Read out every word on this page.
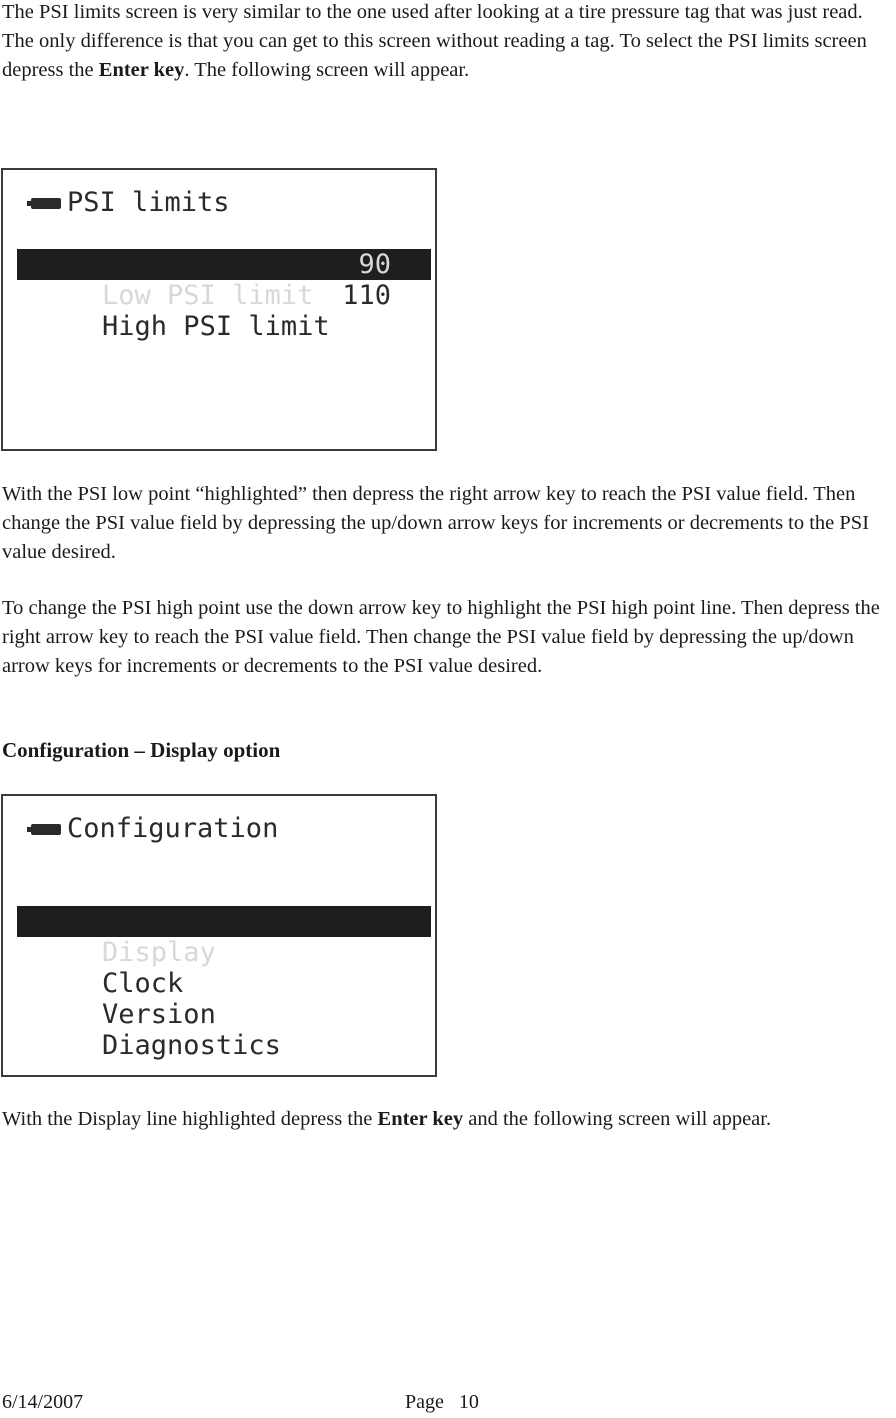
The PSI limits screen is very similar to the one used after looking at a tire pressure tag that was just read. The only difference is that you can get to this screen without reading a tag. To select the PSI limits screen depress the Enter key. The following screen will appear.

PSI limits

Low PSI limit
90

High PSI limit
110

With the PSI low point “highlighted” then depress the right arrow key to reach the PSI value field. Then change the PSI value field by depressing the up/down arrow keys for increments or decrements to the PSI value desired.

To change the PSI high point use the down arrow key to highlight the PSI high point line. Then depress the right arrow key to reach the PSI value field. Then change the PSI value field by depressing the up/down arrow keys for increments or decrements to the PSI value desired.

Configuration – Display option

Configuration

Display

Clock

Version

Diagnostics

With the Display line highlighted depress the Enter key and the following screen will appear.

6/14/2007	Page 10
